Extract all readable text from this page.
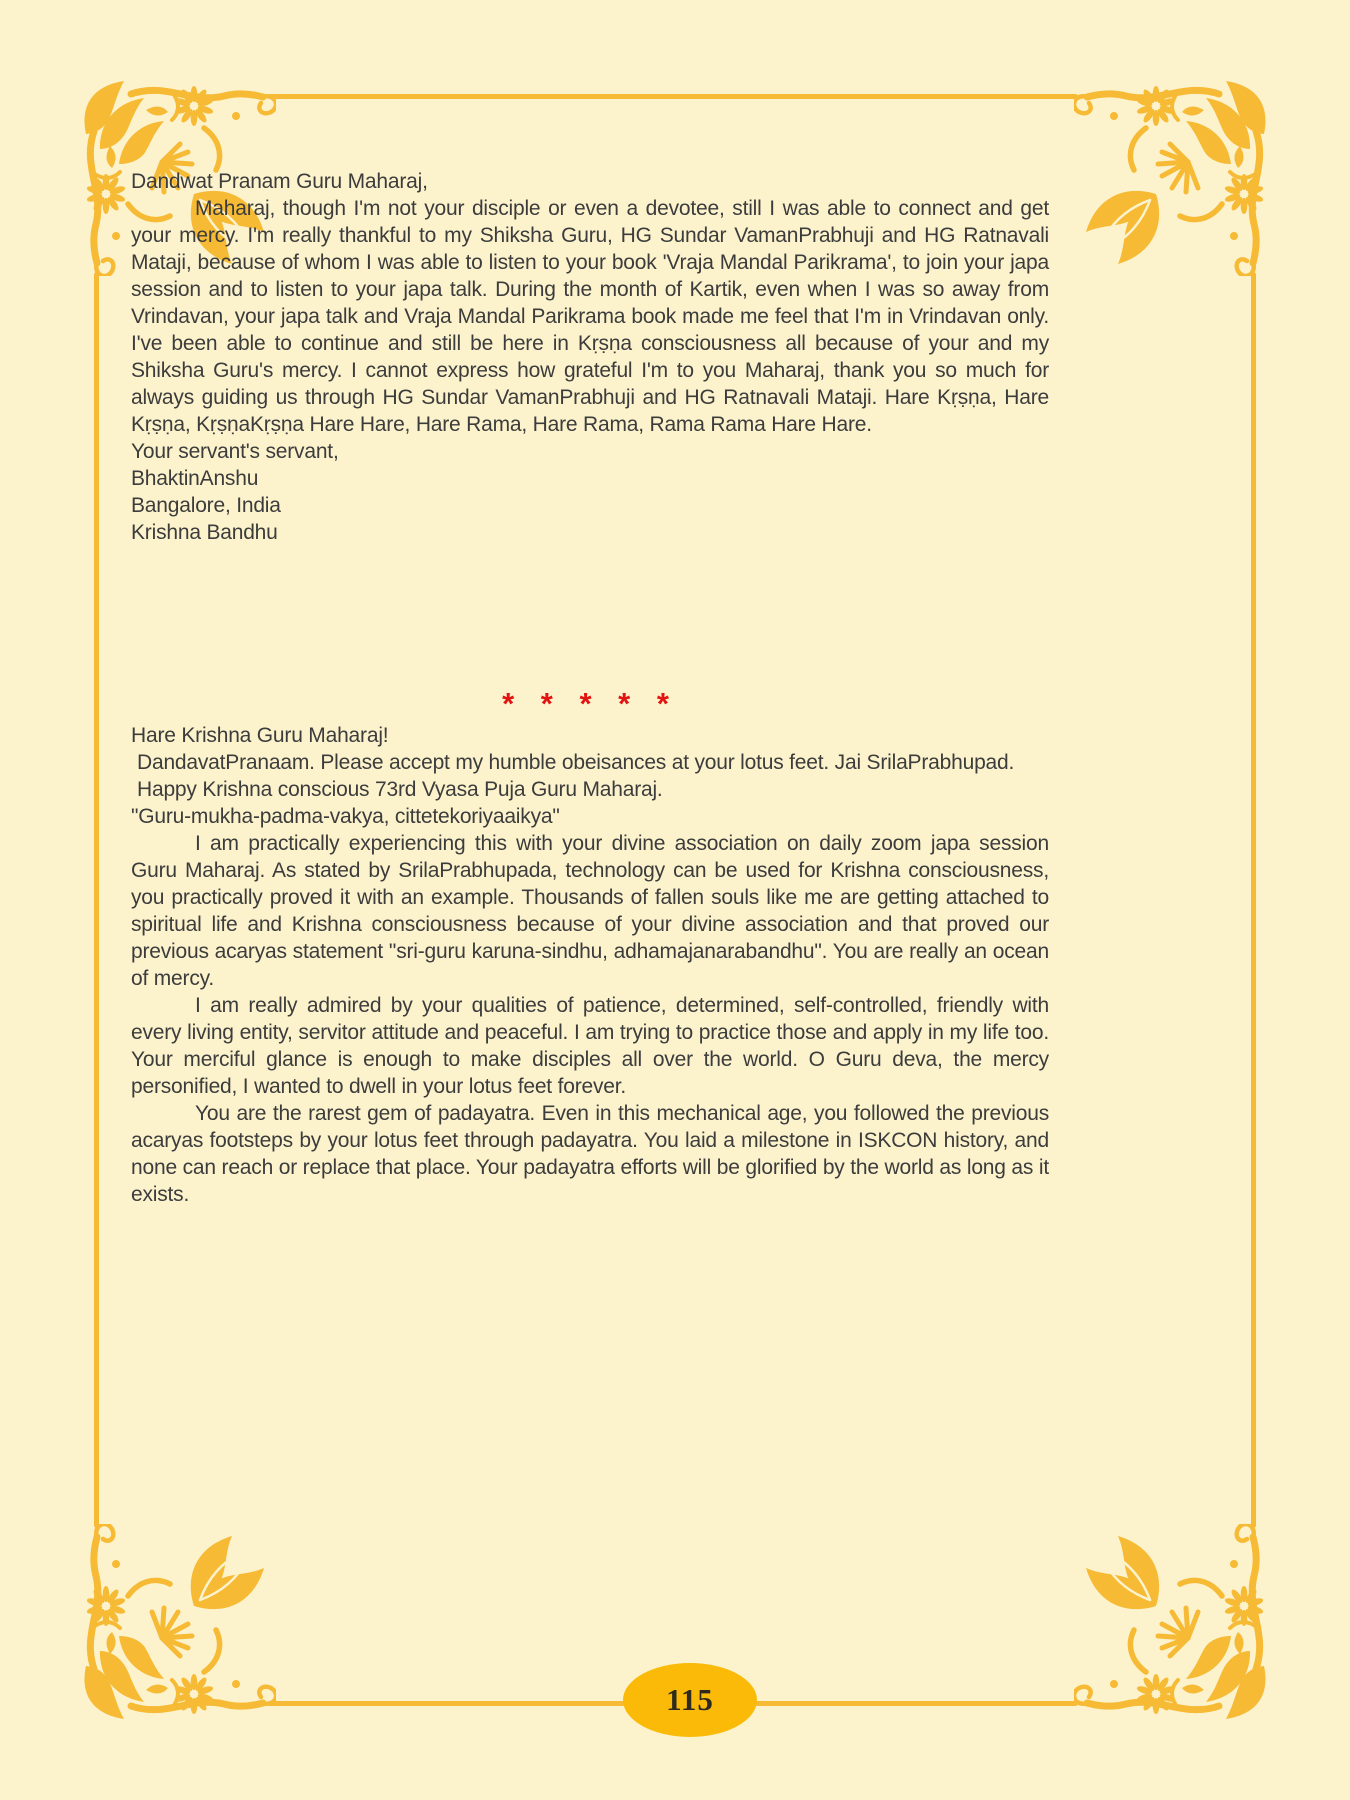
Dandwat Pranam Guru Maharaj,

Maharaj, though I'm not your disciple or even a devotee, still I was able to connect and get your mercy. I'm really thankful to my Shiksha Guru, HG Sundar VamanPrabhuji and HG Ratnavali Mataji, because of whom I was able to listen to your book 'Vraja Mandal Parikrama', to join your japa session and to listen to your japa talk. During the month of Kartik, even when I was so away from Vrindavan, your japa talk and Vraja Mandal Parikrama book made me feel that I'm in Vrindavan only. I've been able to continue and still be here in Kṛṣṇa consciousness all because of your and my Shiksha Guru's mercy. I cannot express how grateful I'm to you Maharaj, thank you so much for always guiding us through HG Sundar VamanPrabhuji and HG Ratnavali Mataji. Hare Kṛṣṇa, Hare Kṛṣṇa, KṛṣṇaKṛṣṇa Hare Hare, Hare Rama, Hare Rama, Rama Rama Hare Hare.

Your servant's servant,

BhaktinAnshu

Bangalore, India

Krishna Bandhu

* * * * *

Hare Krishna Guru Maharaj!

DandavatPranaam. Please accept my humble obeisances at your lotus feet. Jai SrilaPrabhupad.

Happy Krishna conscious 73rd Vyasa Puja Guru Maharaj.

"Guru-mukha-padma-vakya, cittetekoriyaaikya"

I am practically experiencing this with your divine association on daily zoom japa session Guru Maharaj. As stated by SrilaPrabhupada, technology can be used for Krishna consciousness, you practically proved it with an example. Thousands of fallen souls like me are getting attached to spiritual life and Krishna consciousness because of your divine association and that proved our previous acaryas statement "sri-guru karuna-sindhu, adhamajanarabandhu". You are really an ocean of mercy.

I am really admired by your qualities of patience, determined, self-controlled, friendly with every living entity, servitor attitude and peaceful. I am trying to practice those and apply in my life too. Your merciful glance is enough to make disciples all over the world. O Guru deva, the mercy personified, I wanted to dwell in your lotus feet forever.

You are the rarest gem of padayatra. Even in this mechanical age, you followed the previous acaryas footsteps by your lotus feet through padayatra. You laid a milestone in ISKCON history, and none can reach or replace that place. Your padayatra efforts will be glorified by the world as long as it exists.

115
